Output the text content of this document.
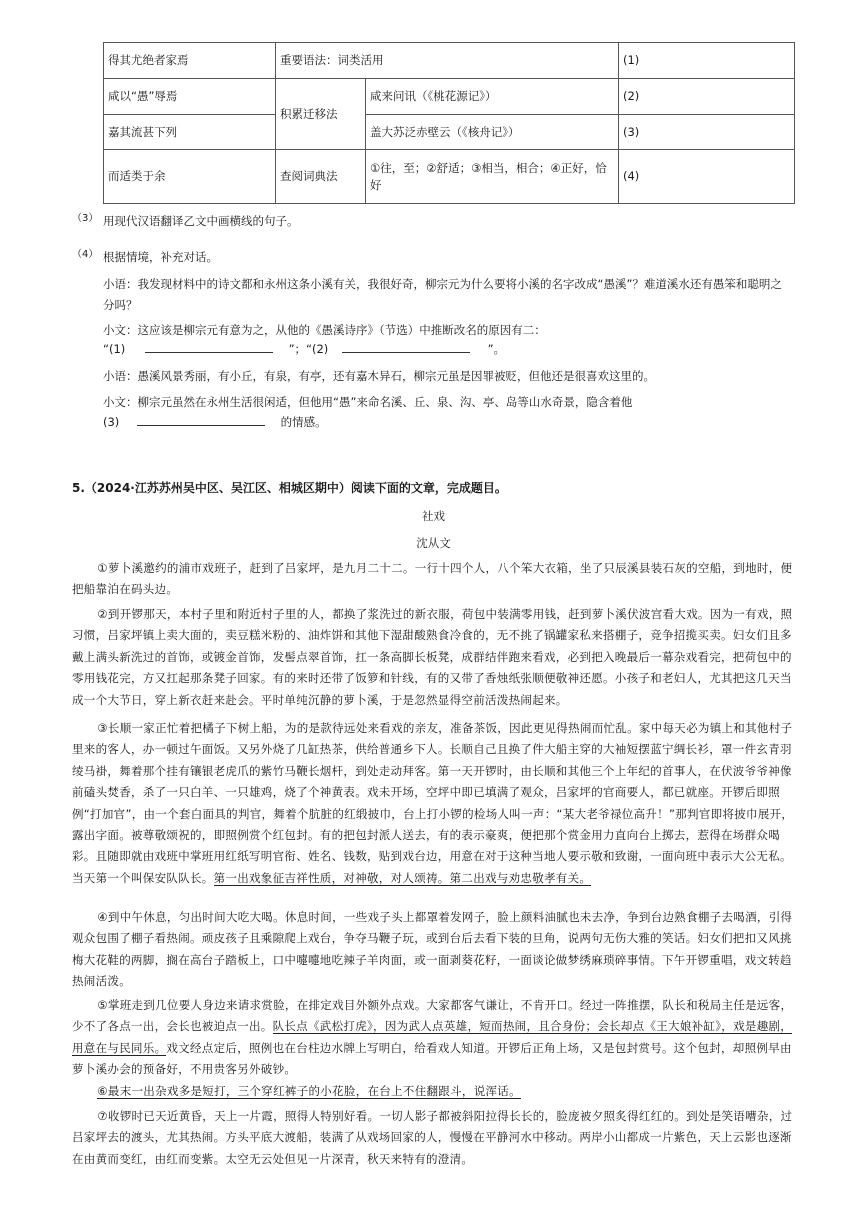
得其尤绝者家焉	重要语法：词类活用		(1)
咸以“愚”辱焉	积累迁移法	咸来问讯（《桃花源记》）	(2)
嘉其流甚下列		盖大苏泛赤壁云（《核舟记》）	(3)
而适类于余	查阅词典法	①往，至；②舒适；③相当，相合；④正好，恰好	(4)
（3） 用现代汉语翻译乙文中画横线的句子。
（4） 根据情境，补充对话。
小语：我发现材料中的诗文都和永州这条小溪有关，我很好奇，柳宗元为什么要将小溪的名字改成“愚溪”？难道溪水还有愚笨和聪明之分吗？
小文：这应该是柳宗元有意为之，从他的《愚溪诗序》（节选）中推断改名的原因有二：
“(1)	”；“(2)	”。
小语：愚溪风景秀丽，有小丘，有泉，有亭，还有嘉木异石，柳宗元虽是因罪被贬，但他还是很喜欢这里的。
小文：柳宗元虽然在永州生活很闲适，但他用“愚”来命名溪、丘、泉、沟、亭、岛等山水奇景，隐含着他
(3)	的情感。
5.（2024·江苏苏州吴中区、吴江区、相城区期中）阅读下面的文章，完成题目。
社戏
沈从文
①萝卜溪邀约的浦市戏班子，赶到了吕家坪，是九月二十二。一行十四个人，八个笨大衣箱，坐了只辰溪县装石灰的空船，到地时，便把船靠泊在码头边。
②到开锣那天，本村子里和附近村子里的人，都换了浆洗过的新衣服，荷包中装满零用钱，赶到萝卜溪伏波宫看大戏。因为一有戏，照习惯，吕家坪镇上卖大面的，卖豆糕米粉的、油炸饼和其他下湿甜酸熟食冷食的，无不挑了锅罐家私来搭棚子，竞争招揽买卖。妇女们且多戴上满头新洗过的首饰，或镀金首饰，发髻点翠首饰，扛一条高脚长板凳，成群结伴跑来看戏，必到把入晚最后一幕杂戏看完，把荷包中的零用钱花完，方又扛起那条凳子回家。有的来时还带了饭箩和针线，有的又带了香烛纸张顺便敬神还愿。小孩子和老妇人，尤其把这几天当成一个大节日，穿上新衣赶来赴会。平时单纯沉静的萝卜溪，于是忽然显得空前活泼热闹起来。
③长顺一家正忙着把橘子下树上船，为的是款待远处来看戏的亲友，准备茶饭，因此更见得热闹而忙乱。家中每天必为镇上和其他村子里来的客人，办一顿过午面饭。又另外烧了几缸热茶，供给普通乡下人。长顺自己且换了件大船主穿的大袖短摆蓝宁绸长衫，罩一件玄青羽绫马褂，舞着那个挂有镶银老虎爪的紫竹马鞭长烟杆，到处走动拜客。第一天开锣时，由长顺和其他三个上年纪的首事人，在伏波爷爷神像前磕头焚香，杀了一只白羊、一只雄鸡，烧了个神黄表。戏未开场，空坪中即已填满了观众，吕家坪的官商要人，都已就座。开锣后即照例“打加官”，由一个套白面具的判官，舞着个肮脏的红缎披巾，台上打小锣的检场人叫一声：“某大老爷禄位高升！”那判官即将披巾展开，露出字面。被尊敬颂祝的，即照例赏个红包封。有的把包封派人送去，有的表示豪爽，便把那个赏金用力直向台上掷去，惹得在场群众喝彩。且随即就由戏班中掌班用红纸写明官衔、姓名、钱数，贴到戏台边，用意在对于这种当地人要示敬和致谢，一面向班中表示大公无私。当天第一个叫保安队队长。第一出戏象征吉祥性质，对神敬，对人颂祷。第二出戏与劝忠敬孝有关。
④到中午休息，匀出时间大吃大喝。休息时间，一些戏子头上都罩着发网子，脸上颜料油腻也未去净，争到台边熟食棚子去喝酒，引得观众包围了棚子看热闹。顽皮孩子且乘隙爬上戏台，争夺马鞭子玩，或到台后去看下装的旦角，说两句无伤大雅的笑话。妇女们把扣又风挑梅大花鞋的两脚，搁在高台子踏板上，口中嚏嚏地吃辣子羊肉面，或一面剥葵花籽，一面谈论做梦绣麻琐碎事情。下午开锣重唱，戏文转趋热闹活泼。
⑤掌班走到几位要人身边来请求赏脸，在排定戏目外额外点戏。大家都客气谦让，不肯开口。经过一阵推摆，队长和税局主任是远客，少不了各点一出，会长也被迫点一出。队长点《武松打虎》，因为武人点英雄，短而热闹，且合身份；会长却点《王大娘补缸》，戏是趣剧，用意在与民同乐。戏文经点定后，照例也在台柱边水牌上写明白，给看戏人知道。开锣后正角上场，又是包封赏号。这个包封，却照例早由萝卜溪办会的预备好，不用贵客另外破钞。
⑥最末一出杂戏多是短打，三个穿红裤子的小花脸，在台上不住翻跟斗，说浑话。
⑦收锣时已天近黄昏，天上一片霞，照得人特别好看。一切人影子都被斜阳拉得长长的，脸庞被夕照炙得红红的。到处是笑语嘈杂，过吕家坪去的渡头，尤其热闹。方头平底大渡船，装满了从戏场回家的人，慢慢在平静河水中移动。两岸小山都成一片紫色，天上云影也逐渐在由黄而变红，由红而变紫。太空无云处但见一片深青，秋天来特有的澄清。
